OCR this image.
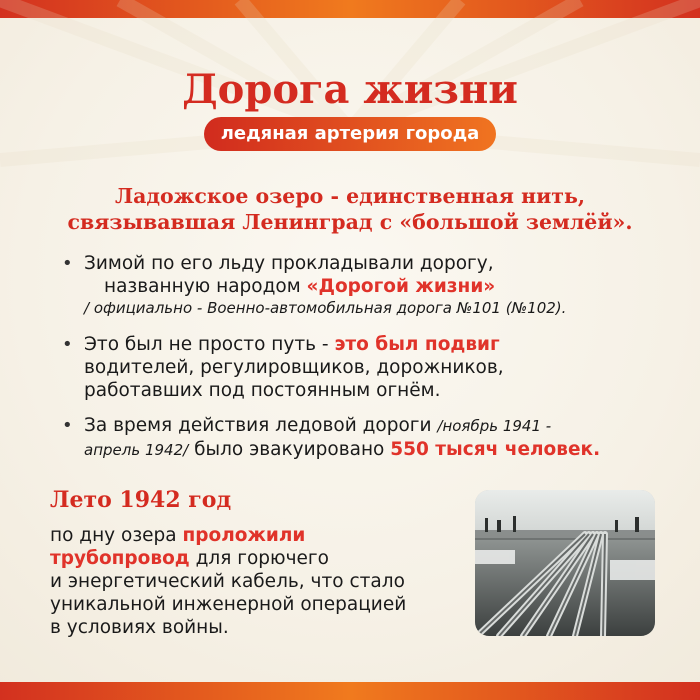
Дорога жизни
ледяная артерия города
Ладожское озеро - единственная нить,
связывавшая Ленинград с «большой землёй».
• Зимой по его льду прокладывали дорогу,
названную народом «Дорогой жизни»
/ официально - Военно-автомобильная дорога №101 (№102).
• Это был не просто путь - это был подвиг
водителей, регулировщиков, дорожников,
работавших под постоянным огнём.
• За время действия ледовой дороги /ноябрь 1941 -
апрель 1942/ было эвакуировано 550 тысяч человек.
Лето 1942 год
по дну озера проложили
трубопровод для горючего
и энергетический кабель, что стало
уникальной инженерной операцией
в условиях войны.
